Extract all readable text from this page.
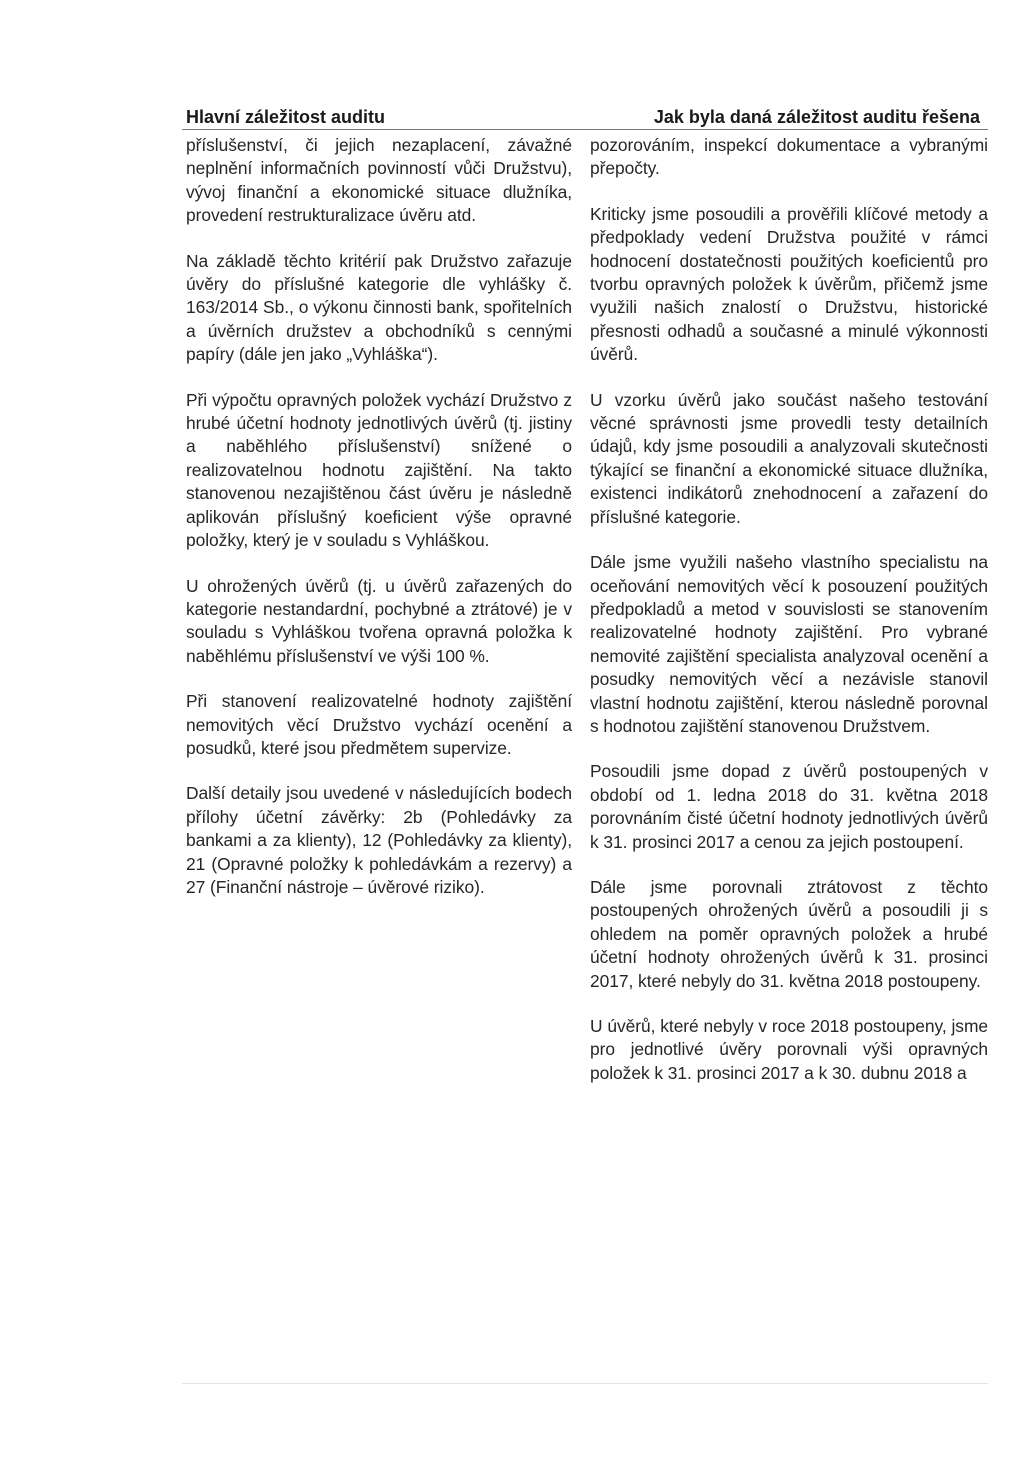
Hlavní záležitost auditu

příslušenství, či jejich nezaplacení, závažné neplnění informačních povinností vůči Družstvu), vývoj finanční a ekonomické situace dlužníka, provedení restrukturalizace úvěru atd.

Na základě těchto kritérií pak Družstvo zařazuje úvěry do příslušné kategorie dle vyhlášky č. 163/2014 Sb., o výkonu činnosti bank, spořitelních a úvěrních družstev a obchodníků s cennými papíry (dále jen jako „Vyhláška“).

Při výpočtu opravných položek vychází Družstvo z hrubé účetní hodnoty jednotlivých úvěrů (tj. jistiny a naběhlého příslušenství) snížené o realizovatelnou hodnotu zajištění. Na takto stanovenou nezajištěnou část úvěru je následně aplikován příslušný koeficient výše opravné položky, který je v souladu s Vyhláškou.

U ohrožených úvěrů (tj. u úvěrů zařazených do kategorie nestandardní, pochybné a ztrátové) je v souladu s Vyhláškou tvořena opravná položka k naběhlému příslušenství ve výši 100 %.

Při stanovení realizovatelné hodnoty zajištění nemovitých věcí Družstvo vychází ocenění a posudků, které jsou předmětem supervize.

Další detaily jsou uvedené v následujících bodech přílohy účetní závěrky: 2b (Pohledávky za bankami a za klienty), 12 (Pohledávky za klienty), 21 (Opravné položky k pohledávkám a rezervy) a 27 (Finanční nástroje – úvěrové riziko).

Jak byla daná záležitost auditu řešena

pozorováním, inspekcí dokumentace a vybranými přepočty.

Kriticky jsme posoudili a prověřili klíčové metody a předpoklady vedení Družstva použité v rámci hodnocení dostatečnosti použitých koeficientů pro tvorbu opravných položek k úvěrům, přičemž jsme využili našich znalostí o Družstvu, historické přesnosti odhadů a současné a minulé výkonnosti úvěrů.

U vzorku úvěrů jako součást našeho testování věcné správnosti jsme provedli testy detailních údajů, kdy jsme posoudili a analyzovali skutečnosti týkající se finanční a ekonomické situace dlužníka, existenci indikátorů znehodnocení a zařazení do příslušné kategorie.

Dále jsme využili našeho vlastního specialistu na oceňování nemovitých věcí k posouzení použitých předpokladů a metod v souvislosti se stanovením realizovatelné hodnoty zajištění. Pro vybrané nemovité zajištění specialista analyzoval ocenění a posudky nemovitých věcí a nezávisle stanovil vlastní hodnotu zajištění, kterou následně porovnal s hodnotou zajištění stanovenou Družstvem.

Posoudili jsme dopad z úvěrů postoupených v období od 1. ledna 2018 do 31. května 2018 porovnáním čisté účetní hodnoty jednotlivých úvěrů k 31. prosinci 2017 a cenou za jejich postoupení.

Dále jsme porovnali ztrátovost z těchto postoupených ohrožených úvěrů a posoudili ji s ohledem na poměr opravných položek a hrubé účetní hodnoty ohrožených úvěrů k 31. prosinci 2017, které nebyly do 31. května 2018 postoupeny.

U úvěrů, které nebyly v roce 2018 postoupeny, jsme pro jednotlivé úvěry porovnali výši opravných položek k 31. prosinci 2017 a k 30. dubnu 2018 a
